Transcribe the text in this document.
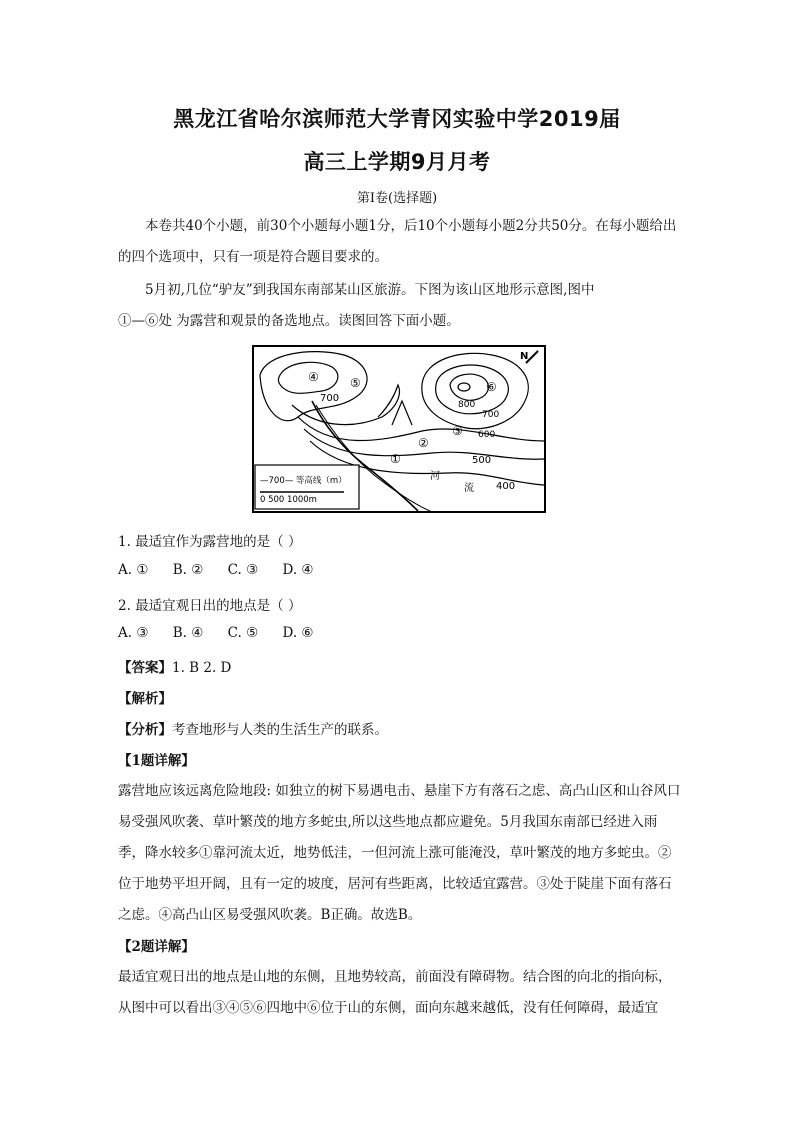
黑龙江省哈尔滨师范大学青冈实验中学2019届
高三上学期9月月考
第Ⅰ卷(选择题)
本卷共40个小题，前30个小题每小题1分，后10个小题每小题2分共50分。在每小题给出的四个选项中，只有一项是符合题目要求的。
5月初,几位“驴友”到我国东南部某山区旅游。下图为该山区地形示意图,图中
①—⑥处 为露营和观景的备选地点。读图回答下面小题。
N
700
800
700
600
500
400
①
②
③
④	⑤	⑥
河
流
—700— 等高线（m）
0 500 1000m
1. 最适宜作为露营地的是（ ）
A. ① B. ② C. ③ D. ④
2. 最适宜观日出的地点是（ ）
A. ③ B. ④ C. ⑤ D. ⑥
【答案】1. B 2. D
【解析】
【分析】考查地形与人类的生活生产的联系。
【1题详解】
露营地应该远离危险地段: 如独立的树下易遇电击、悬崖下方有落石之虑、高凸山区和山谷风口易受强风吹袭、草叶繁茂的地方多蛇虫,所以这些地点都应避免。5月我国东南部已经进入雨季，降水较多①靠河流太近，地势低洼，一但河流上涨可能淹没，草叶繁茂的地方多蛇虫。②位于地势平坦开阔，且有一定的坡度，居河有些距离，比较适宜露营。③处于陡崖下面有落石之虑。④高凸山区易受强风吹袭。B正确。故选B。
【2题详解】
最适宜观日出的地点是山地的东侧，且地势较高，前面没有障碍物。结合图的向北的指向标，从图中可以看出③④⑤⑥四地中⑥位于山的东侧，面向东越来越低，没有任何障碍，最适宜
